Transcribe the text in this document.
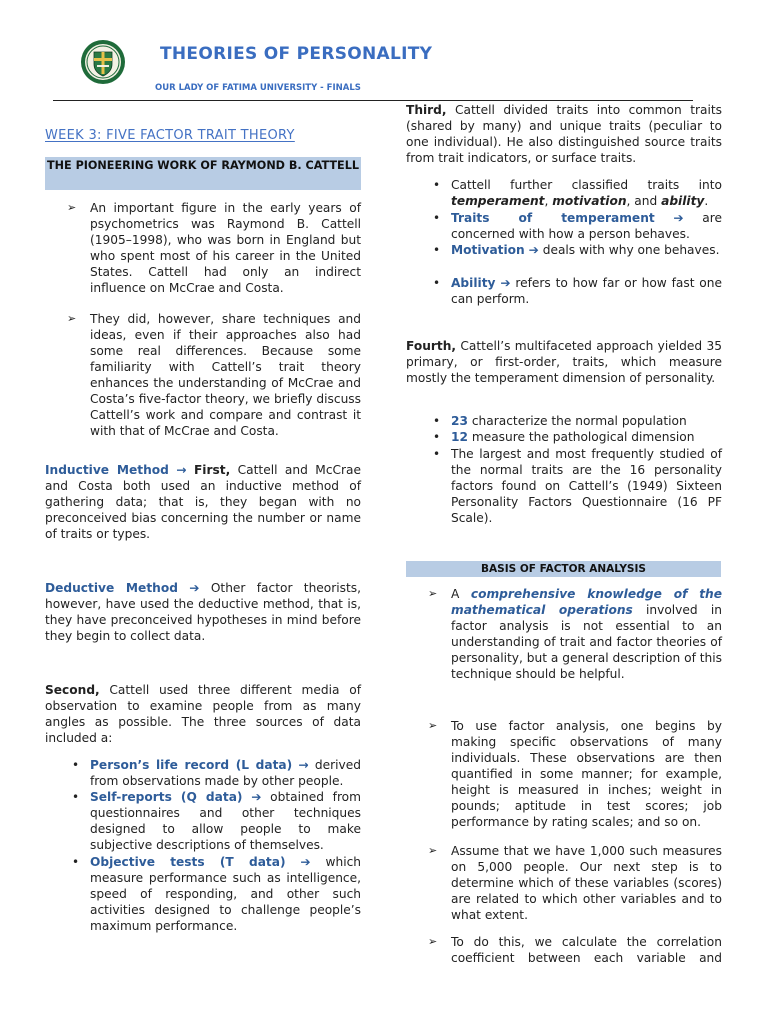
THEORIES OF PERSONALITY
OUR LADY OF FATIMA UNIVERSITY - FINALS
WEEK 3: FIVE FACTOR TRAIT THEORY
THE PIONEERING WORK OF RAYMOND B. CATTELL
➢ An important figure in the early years of psychometrics was Raymond B. Cattell (1905–1998), who was born in England but who spent most of his career in the United States. Cattell had only an indirect influence on McCrae and Costa.

➢ They did, however, share techniques and ideas, even if their approaches also had some real differences. Because some familiarity with Cattell’s trait theory enhances the understanding of McCrae and Costa’s five-factor theory, we briefly discuss Cattell’s work and compare and contrast it with that of McCrae and Costa.

Inductive Method → First, Cattell and McCrae and Costa both used an inductive method of gathering data; that is, they began with no preconceived bias concerning the number or name of traits or types.

Deductive Method ➔ Other factor theorists, however, have used the deductive method, that is, they have preconceived hypotheses in mind before they begin to collect data.

Second, Cattell used three different media of observation to examine people from as many angles as possible. The three sources of data included a:

• Person’s life record (L data) → derived from observations made by other people.

• Self-reports (Q data) ➔ obtained from questionnaires and other techniques designed to allow people to make subjective descriptions of themselves.

• Objective tests (T data) ➔ which measure performance such as intelligence, speed of responding, and other such activities designed to challenge people’s maximum performance.

Third, Cattell divided traits into common traits (shared by many) and unique traits (peculiar to one individual). He also distinguished source traits from trait indicators, or surface traits.

• Cattell further classified traits into temperament, motivation, and ability.

• Traits of temperament ➔ are concerned with how a person behaves.

• Motivation ➔ deals with why one behaves.

• Ability ➔ refers to how far or how fast one can perform.

Fourth, Cattell’s multifaceted approach yielded 35 primary, or first-order, traits, which measure mostly the temperament dimension of personality.

• 23 characterize the normal population

• 12 measure the pathological dimension

• The largest and most frequently studied of the normal traits are the 16 personality factors found on Cattell’s (1949) Sixteen Personality Factors Questionnaire (16 PF Scale).

BASIS OF FACTOR ANALYSIS
➢ A comprehensive knowledge of the mathematical operations involved in factor analysis is not essential to an understanding of trait and factor theories of personality, but a general description of this technique should be helpful.

➢ To use factor analysis, one begins by making specific observations of many individuals. These observations are then quantified in some manner; for example, height is measured in inches; weight in pounds; aptitude in test scores; job performance by rating scales; and so on.

➢ Assume that we have 1,000 such measures on 5,000 people. Our next step is to determine which of these variables (scores) are related to which other variables and to what extent.

➢ To do this, we calculate the correlation coefficient between each variable and
